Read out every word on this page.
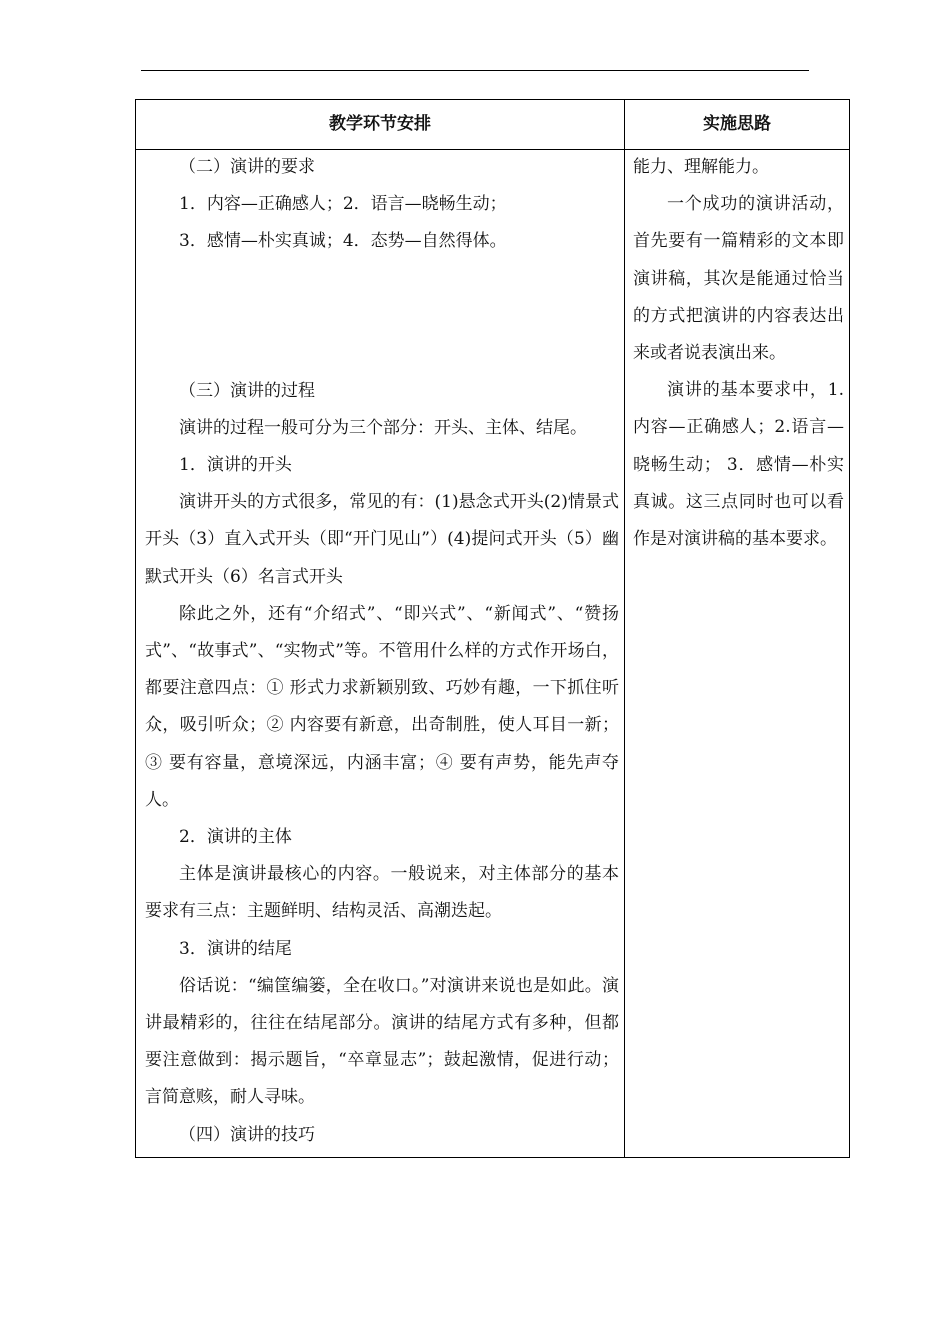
教学环节安排	实施思路

（二）演讲的要求

1．内容—正确感人；2．语言—晓畅生动；

3．感情—朴实真诚；4．态势—自然得体。

（三）演讲的过程

演讲的过程一般可分为三个部分：开头、主体、结尾。

1．演讲的开头

演讲开头的方式很多，常见的有：(1)悬念式开头(2)情景式开头（3）直入式开头（即“开门见山”）(4)提问式开头（5）幽默式开头（6）名言式开头

除此之外，还有“介绍式”、“即兴式”、“新闻式”、“赞扬式”、“故事式”、“实物式”等。不管用什么样的方式作开场白，都要注意四点：① 形式力求新颖别致、巧妙有趣，一下抓住听众，吸引听众；② 内容要有新意，出奇制胜，使人耳目一新；③ 要有容量，意境深远，内涵丰富；④ 要有声势，能先声夺人。

2．演讲的主体

主体是演讲最核心的内容。一般说来，对主体部分的基本要求有三点：主题鲜明、结构灵活、高潮迭起。

3．演讲的结尾

俗话说：“编筐编篓，全在收口。”对演讲来说也是如此。演讲最精彩的，往往在结尾部分。演讲的结尾方式有多种，但都要注意做到：揭示题旨，“卒章显志”；鼓起激情，促进行动；言简意赅，耐人寻味。

（四）演讲的技巧

能力、理解能力。

一个成功的演讲活动，首先要有一篇精彩的文本即演讲稿，其次是能通过恰当的方式把演讲的内容表达出来或者说表演出来。

演讲的基本要求中，1.内容—正确感人；2.语言—晓畅生动； 3．感情—朴实真诚。这三点同时也可以看作是对演讲稿的基本要求。
